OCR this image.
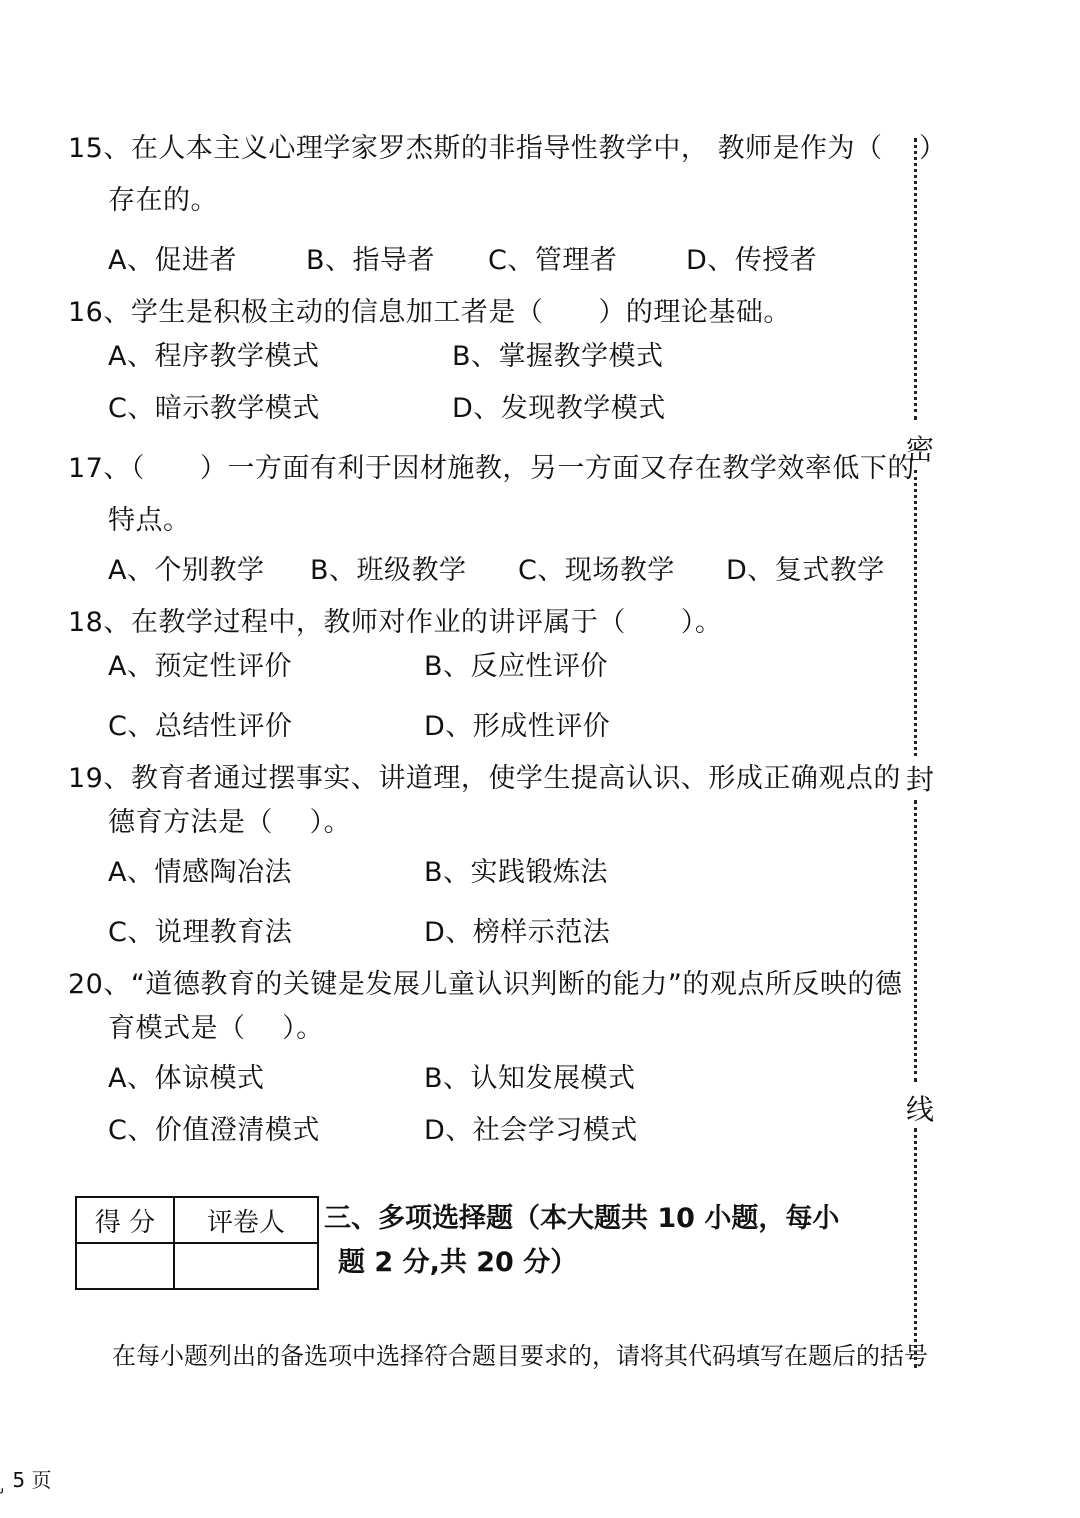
15、在人本主义心理学家罗杰斯的非指导性教学中， 教师是作为（　 ）
存在的。
A、促进者	B、指导者 C、管理者	D、传授者
16、学生是积极主动的信息加工者是（　　）的理论基础。
A、程序教学模式	B、掌握教学模式
C、暗示教学模式	D、发现教学模式
17、（　　）一方面有利于因材施教，另一方面又存在教学效率低下的
特点。
A、个别教学 B、班级教学 C、现场教学 D、复式教学
18、在教学过程中，教师对作业的讲评属于（　　）。
A、预定性评价	B、反应性评价
C、总结性评价	D、形成性评价
19、教育者通过摆事实、讲道理，使学生提高认识、形成正确观点的
德育方法是（　 ）。
A、情感陶冶法	B、实践锻炼法
C、说理教育法	D、榜样示范法
20、“道德教育的关键是发展儿童认识判断的能力”的观点所反映的德
育模式是（　 ）。
A、体谅模式	B、认知发展模式
C、价值澄清模式	D、社会学习模式
得 分	评卷人
	三、多项选择题（本大题共 10 小题，每小
题 2 分,共 20 分）
在每小题列出的备选项中选择符合题目要求的，请将其代码填写在题后的括号
ູ 5 页
密
封
线
